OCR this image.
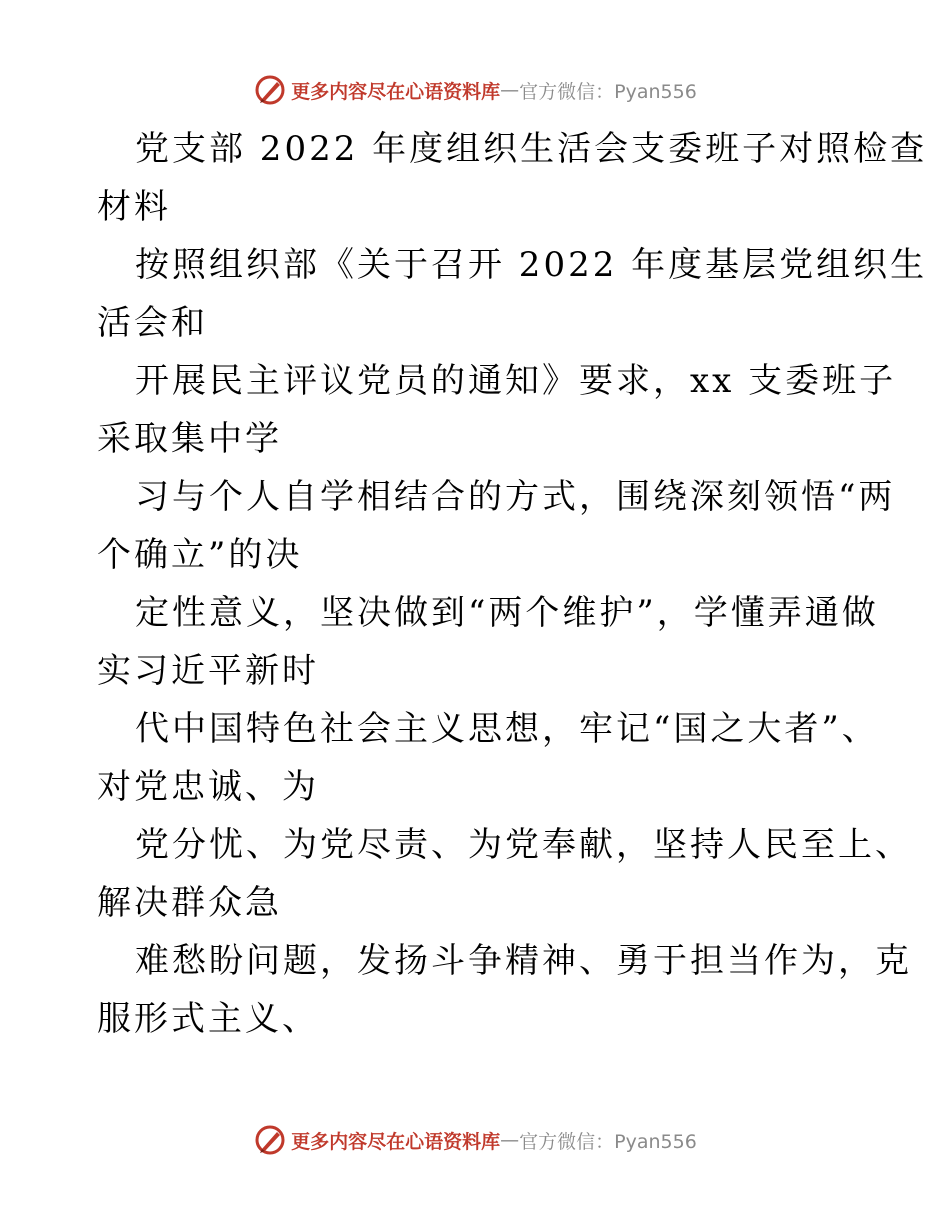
更多内容尽在心语资料库 — 官方微信：Pyan556
党支部 2022 年度组织生活会支委班子对照检查
材料
按照组织部《关于召开 2022 年度基层党组织生
活会和
开展民主评议党员的通知》要求，xx 支委班子
采取集中学
习与个人自学相结合的方式，围绕深刻领悟“两
个确立”的决
定性意义，坚决做到“两个维护”，学懂弄通做
实习近平新时
代中国特色社会主义思想，牢记“国之大者”、
对党忠诚、为
党分忧、为党尽责、为党奉献，坚持人民至上、
解决群众急
难愁盼问题，发扬斗争精神、勇于担当作为，克
服形式主义、
更多内容尽在心语资料库 — 官方微信：Pyan556
